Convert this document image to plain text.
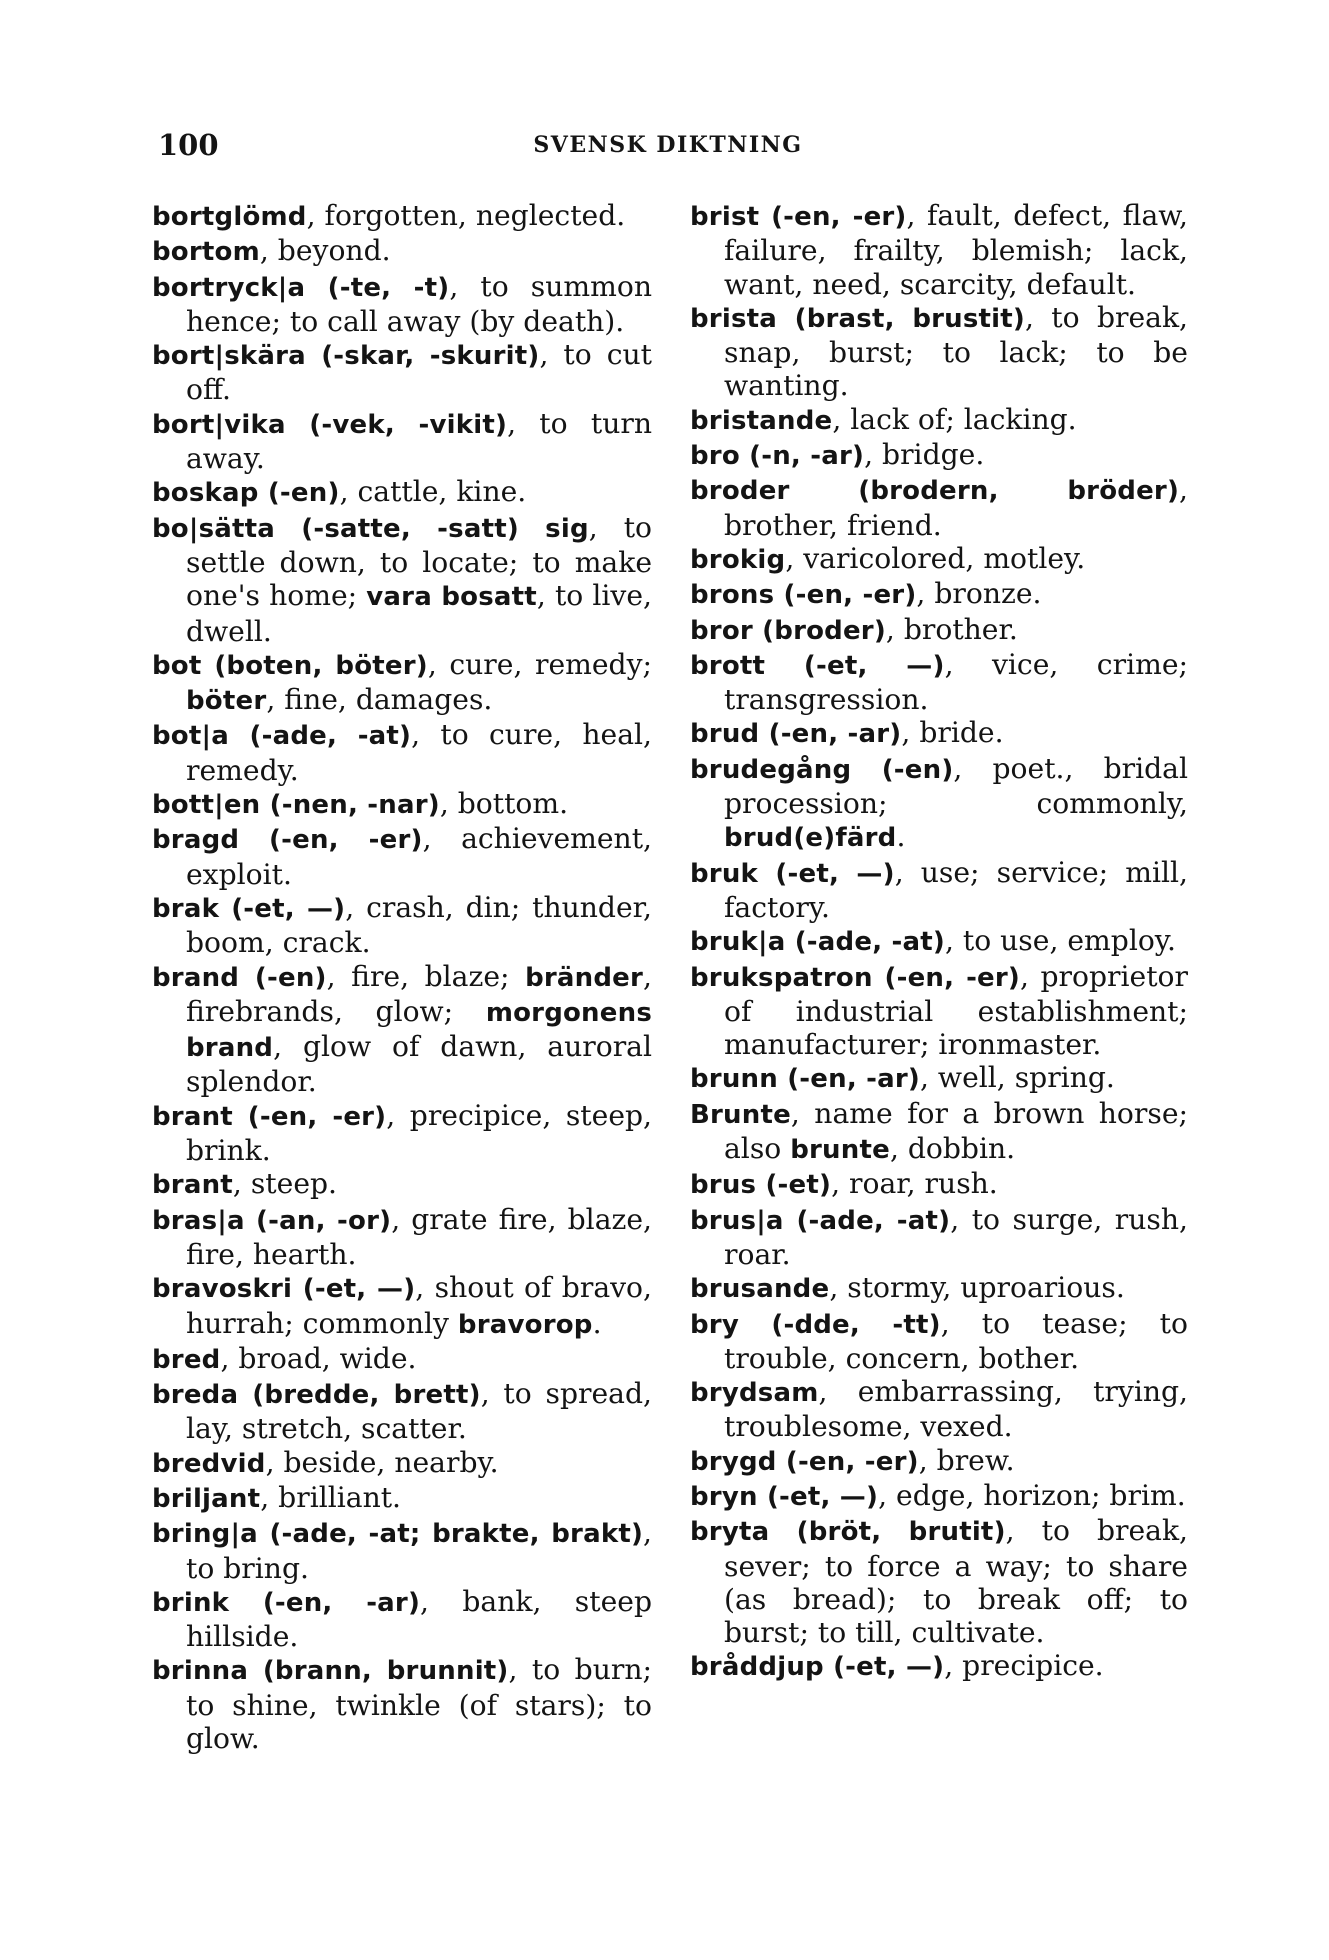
100	SVENSK DIKTNING

bortglömd, forgotten, neglected.

bortom, beyond.

bortryck|a (-te, -t), to summon hence; to call away (by death).

bort|skära (-skar, -skurit), to cut off.

bort|vika (-vek, -vikit), to turn away.

boskap (-en), cattle, kine.

bo|sätta (-satte, -satt) sig, to settle down, to locate; to make one's home; vara bosatt, to live, dwell.

bot (boten, böter), cure, remedy; böter, fine, damages.

bot|a (-ade, -at), to cure, heal, remedy.

bott|en (-nen, -nar), bottom.

bragd (-en, -er), achievement, exploit.

brak (-et, —), crash, din; thunder, boom, crack.

brand (-en), fire, blaze; bränder, firebrands, glow; morgonens brand, glow of dawn, auroral splendor.

brant (-en, -er), precipice, steep, brink.

brant, steep.

bras|a (-an, -or), grate fire, blaze, fire, hearth.

bravoskri (-et, —), shout of bravo, hurrah; commonly bravorop.

bred, broad, wide.

breda (bredde, brett), to spread, lay, stretch, scatter.

bredvid, beside, nearby.

briljant, brilliant.

bring|a (-ade, -at; brakte, brakt), to bring.

brink (-en, -ar), bank, steep hillside.

brinna (brann, brunnit), to burn; to shine, twinkle (of stars); to glow.

brist (-en, -er), fault, defect, flaw, failure, frailty, blemish; lack, want, need, scarcity, default.

brista (brast, brustit), to break, snap, burst; to lack; to be wanting.

bristande, lack of; lacking.

bro (-n, -ar), bridge.

broder (brodern, bröder), brother, friend.

brokig, varicolored, motley.

brons (-en, -er), bronze.

bror (broder), brother.

brott (-et, —), vice, crime; transgression.

brud (-en, -ar), bride.

brudegång (-en), poet., bridal procession; commonly, brud(e)färd.

bruk (-et, —), use; service; mill, factory.

bruk|a (-ade, -at), to use, employ.

brukspatron (-en, -er), proprietor of industrial establishment; manufacturer; ironmaster.

brunn (-en, -ar), well, spring.

Brunte, name for a brown horse; also brunte, dobbin.

brus (-et), roar, rush.

brus|a (-ade, -at), to surge, rush, roar.

brusande, stormy, uproarious.

bry (-dde, -tt), to tease; to trouble, concern, bother.

brydsam, embarrassing, trying, troublesome, vexed.

brygd (-en, -er), brew.

bryn (-et, —), edge, horizon; brim.

bryta (bröt, brutit), to break, sever; to force a way; to share (as bread); to break off; to burst; to till, cultivate.

bråddjup (-et, —), precipice.
